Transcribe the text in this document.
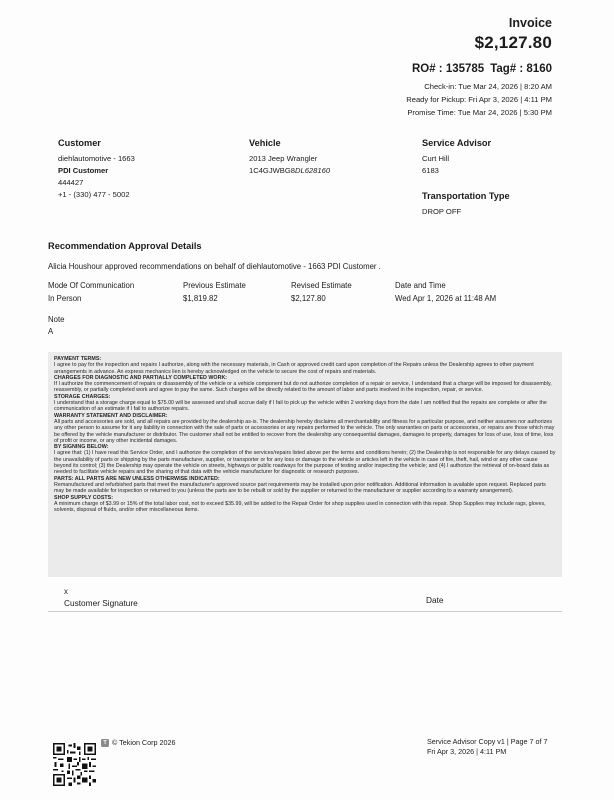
Invoice
$2,127.80
RO# : 135785 Tag# : 8160
Check-in: Tue Mar 24, 2026 | 8:20 AM
Ready for Pickup: Fri Apr 3, 2026 | 4:11 PM
Promise Time: Tue Mar 24, 2026 | 5:30 PM
Customer
diehlautomotive - 1663
PDI Customer
444427
+1 - (330) 477 - 5002
Vehicle
2013 Jeep Wrangler
1C4GJWBG8DL628160
Service Advisor
Curt Hill
6183
Transportation Type
DROP OFF
Recommendation Approval Details
Alicia Houshour approved recommendations on behalf of diehlautomotive - 1663 PDI Customer .
Mode Of Communication	Previous Estimate	Revised Estimate	Date and Time
In Person	$1,819.82	$2,127.80	Wed Apr 1, 2026 at 11:48 AM
Note
A
PAYMENT TERMS:
I agree to pay for the inspection and repairs I authorize, along with the necessary materials, in Cash or approved credit card upon completion of the Repairs unless the Dealership agrees to other payment arrangements in advance. An express mechanics lien is hereby acknowledged on the vehicle to secure the cost of repairs and materials.
CHARGES FOR DIAGNOSTIC AND PARTIALLY COMPLETED WORK:
If I authorize the commencement of repairs or disassembly of the vehicle or a vehicle component but do not authorize completion of a repair or service, I understand that a charge will be imposed for disassembly, reassembly, or partially completed work and agree to pay the same. Such charges will be directly related to the amount of labor and parts involved in the inspection, repair, or service.
STORAGE CHARGES:
I understand that a storage charge equal to $75.00 will be assessed and shall accrue daily if I fail to pick up the vehicle within 2 working days from the date I am notified that the repairs are complete or after the communication of an estimate if I fail to authorize repairs.
WARRANTY STATEMENT AND DISCLAIMER:
All parts and accessories are sold, and all repairs are provided by the dealership as-is. The dealership hereby disclaims all merchantability and fitness for a particular purpose, and neither assumes nor authorizes any other person to assume for it any liability in connection with the sale of parts or accessories or any repairs performed to the vehicle. The only warranties on parts or accessories, or repairs are those which may be offered by the vehicle manufacturer or distributor. The customer shall not be entitled to recover from the dealership any consequential damages, damages to property, damages for loss of use, loss of time, loss of profit or income, or any other incidental damages.
BY SIGNING BELOW:
I agree that: (1) I have read this Service Order, and I authorize the completion of the services/repairs listed above per the terms and conditions herein; (2) the Dealership is not responsible for any delays caused by the unavailability of parts or shipping by the parts manufacturer, supplier, or transporter or for any loss or damage to the vehicle or articles left in the vehicle in case of fire, theft, hail, wind or any other cause beyond its control; (3) the Dealership may operate the vehicle on streets, highways or public roadways for the purpose of testing and/or inspecting the vehicle; and (4) I authorize the retrieval of on-board data as needed to facilitate vehicle repairs and the sharing of that data with the vehicle manufacturer for diagnostic or research purposes.
PARTS: ALL PARTS ARE NEW UNLESS OTHERWISE INDICATED:
Remanufactured and refurbished parts that meet the manufacturer's approved source part requirements may be installed upon prior notification. Additional information is available upon request. Replaced parts may be made available for inspection or returned to you (unless the parts are to be rebuilt or sold by the supplier or returned to the manufacturer or supplier according to a warranty arrangement).
SHOP SUPPLY COSTS:
A minimum charge of $3.99 or 15% of the total labor cost, not to exceed $35.99, will be added to the Repair Order for shop supplies used in connection with this repair. Shop Supplies may include rags, gloves, solvents, disposal of fluids, and/or other miscellaneous items.
x
Customer Signature	Date
T © Tekion Corp 2026	Service Advisor Copy v1 | Page 7 of 7
Fri Apr 3, 2026 | 4:11 PM
